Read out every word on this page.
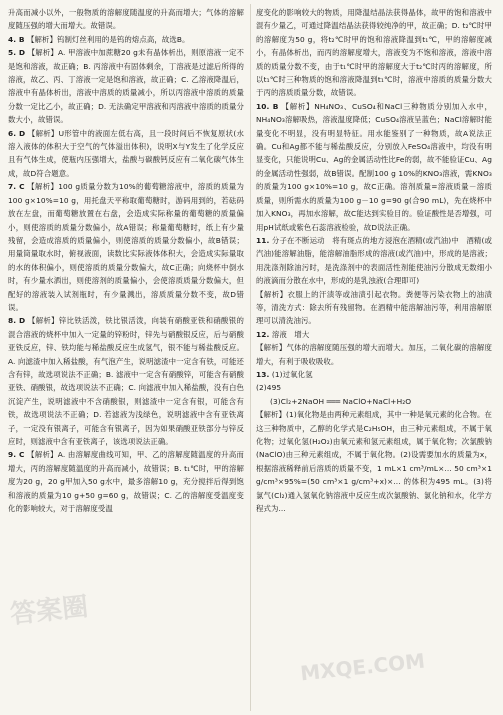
升高而减小以外，一般物质的溶解度随温度的升高而增大；气体的溶解度随压强的增大而增大。故错误。

4. B 【解析】钨制灯丝利用的是钨的熔点高，故选B。

5. D 【解析】A. 甲溶液中加蔗糖20 g未有晶体析出，则原溶液一定不是饱和溶液，故正确；B. 丙溶液中有固体剩余，丁溶液是过滤后所得的溶液，故乙、丙、丁溶液一定是饱和溶液，故正确；C. 乙溶液降温后，溶液中有晶体析出，溶液中溶质的质量减小，所以丙溶液中溶质的质量分数一定比乙小，故正确；D. 无法确定甲溶液和丙溶液中溶质的质量分数大小，故错误。

6. D 【解析】U形管中的液面左低右高，且一段时间后不恢复原状(水溶入液体的体积大于空气的气体溢出体积)，说明X与Y发生了化学反应且有气体生成，使瓶内压强增大，盐酸与碳酸钙反应有二氧化碳气体生成，故D符合题意。

7. C 【解析】100 g质量分数为10%的葡萄糖溶液中，溶质的质量为100 g×10%=10 g，用托盘天平称取葡萄糖时，游码用到的，若砝码放在左盘，而葡萄糖放置在右盘，会造成实际称量的葡萄糖的质量偏小，则使溶质的质量分数偏小，故A错误；称量葡萄糖时，纸上有少量残留，会造成溶质的质量偏小，则使溶质的质量分数偏小，故B错误；用量筒量取水时，俯视液面，读数比实际液体体积大，会造成实际量取的水的体积偏小，则使溶质的质量分数偏大，故C正确；向烧杯中倒水时，有少量水洒出，则使溶剂的质量偏小，会使溶质质量分数偏大，但配好的溶液装入试剂瓶时，有少量溅出，溶质质量分数不变，故D错误。

8. D 【解析】锌比铁活泼，铁比银活泼，向装有硝酸亚铁和硝酸银的混合溶液的烧杯中加入一定量的锌粉时，锌先与硝酸银反应，后与硝酸亚铁反应，锌、铁均能与稀盐酸反应生成氢气，银不能与稀盐酸反应。A. 向滤渣中加入稀盐酸，有气泡产生，说明滤渣中一定含有铁，可能还含有锌，故选项说法不正确；B. 滤液中一定含有硝酸锌，可能含有硝酸亚铁、硝酸银，故选项说法不正确；C. 向滤液中加入稀盐酸，没有白色沉淀产生，说明滤液中不含硝酸银，则滤渣中一定含有银，可能含有铁，故选项说法不正确；D. 若滤液为浅绿色，说明滤液中含有亚铁离子，一定没有银离子，可能含有银离子，因为如果硝酸亚铁部分与锌反应时，则滤液中含有亚铁离子，该选项说法正确。

9. C 【解析】A. 由溶解度曲线可知，甲、乙的溶解度随温度的升高而增大，丙的溶解度随温度的升高而减小，故错误；B. t₁℃时，甲的溶解度为20 g，20 g甲加入50 g水中，最多溶解10 g，充分搅拌后得到饱和溶液的质量为10 g+50 g=60 g，故错误；C. 乙的溶解度受温度变化的影响较大，对于溶解度受温

度变化的影响较大的物质，用降温结晶法获得晶体，故甲的饱和溶液中混有少量乙，可通过降温结晶法获得较纯净的甲，故正确；D. t₂℃时甲的溶解度为50 g，将t₂℃时甲的饱和溶液降温到t₁℃，甲的溶解度减小，有晶体析出，而丙的溶解度增大，溶液变为不饱和溶液，溶液中溶质的质量分数不变，由于t₁℃时甲的溶解度大于t₂℃时丙的溶解度，所以t₁℃时三种物质的饱和溶液降温到t₁℃时，溶液中溶质的质量分数大于丙的溶质质量分数，故错误。

10. B 【解析】NH₄NO₃、CuSO₄和NaCl三种物质分别加入水中，NH₄NO₃溶解吸热，溶液温度降低；CuSO₄溶液呈蓝色；NaCl溶解时能量变化不明显，没有明显特征。用水能鉴别了一种物质，故A说法正确。Cu和Ag都不能与稀盐酸反应，分别放入FeSO₄溶液中，均没有明显变化，只能说明Cu、Ag的金属活动性比Fe的弱，故不能验证Cu、Ag的金属活动性强弱，故B错误。配制100 g 10%的KNO₃溶液，需KNO₃的质量为100 g×10%=10 g，故C正确。溶剂质量=溶液质量－溶质质量，则所需水的质量为100 g－10 g=90 g(合90 mL)，先在烧杯中加入KNO₃，再加水溶解，故C能达到实验目的。验证酸性是否增强，可用pH试纸或紫色石蕊溶液检验，故D说法正确。

11. 分子在不断运动　将有斑点的地方浸泡在酒精(或汽油)中　酒精(或汽油)能溶解油脂，能溶解油脂形成的溶液(或汽油)中，形成的是溶液；用洗涤剂除油污时，是洗涤剂中的表面活性剂能使油污分散成无数细小的液滴而分散在水中，形成的是乳浊液(合理即可)

【解析】衣服上的汗渍等或油渍引起衣物。粪便等污染衣物上的油渍等，清洗方式：除去所有残留物。在酒精中能溶解油污等，利用溶解原理可以清洗油污。

12. 溶液　增大

【解析】气体的溶解度随压强的增大而增大。加压，二氧化碳的溶解度增大，有利于吸收吸收。

13. (1)过氧化氢

(2)495

(3)Cl₂+2NaOH ═══ NaClO+NaCl+H₂O

【解析】(1)氧化物是由两种元素组成，其中一种是氧元素的化合物。在这三种物质中，乙醇的化学式是C₂H₅OH，由三种元素组成，不属于氧化物；过氧化氢(H₂O₂)由氧元素和氢元素组成，属于氧化物；次氯酸钠(NaClO)由三种元素组成，不属于氧化物。(2)设需要加水的质量为x，根据溶液稀释前后溶质的质量不变，1 mL×1 cm³/mL×... 50 cm³×1 g/cm³×95%=(50 cm³×1 g/cm³+x)×... 的体积为495 mL。(3)将氯气(Cl₂)通入氢氧化钠溶液中反应生成次氯酸钠、氯化钠和水，化学方程式为...

答案圈
MXQE.COM
